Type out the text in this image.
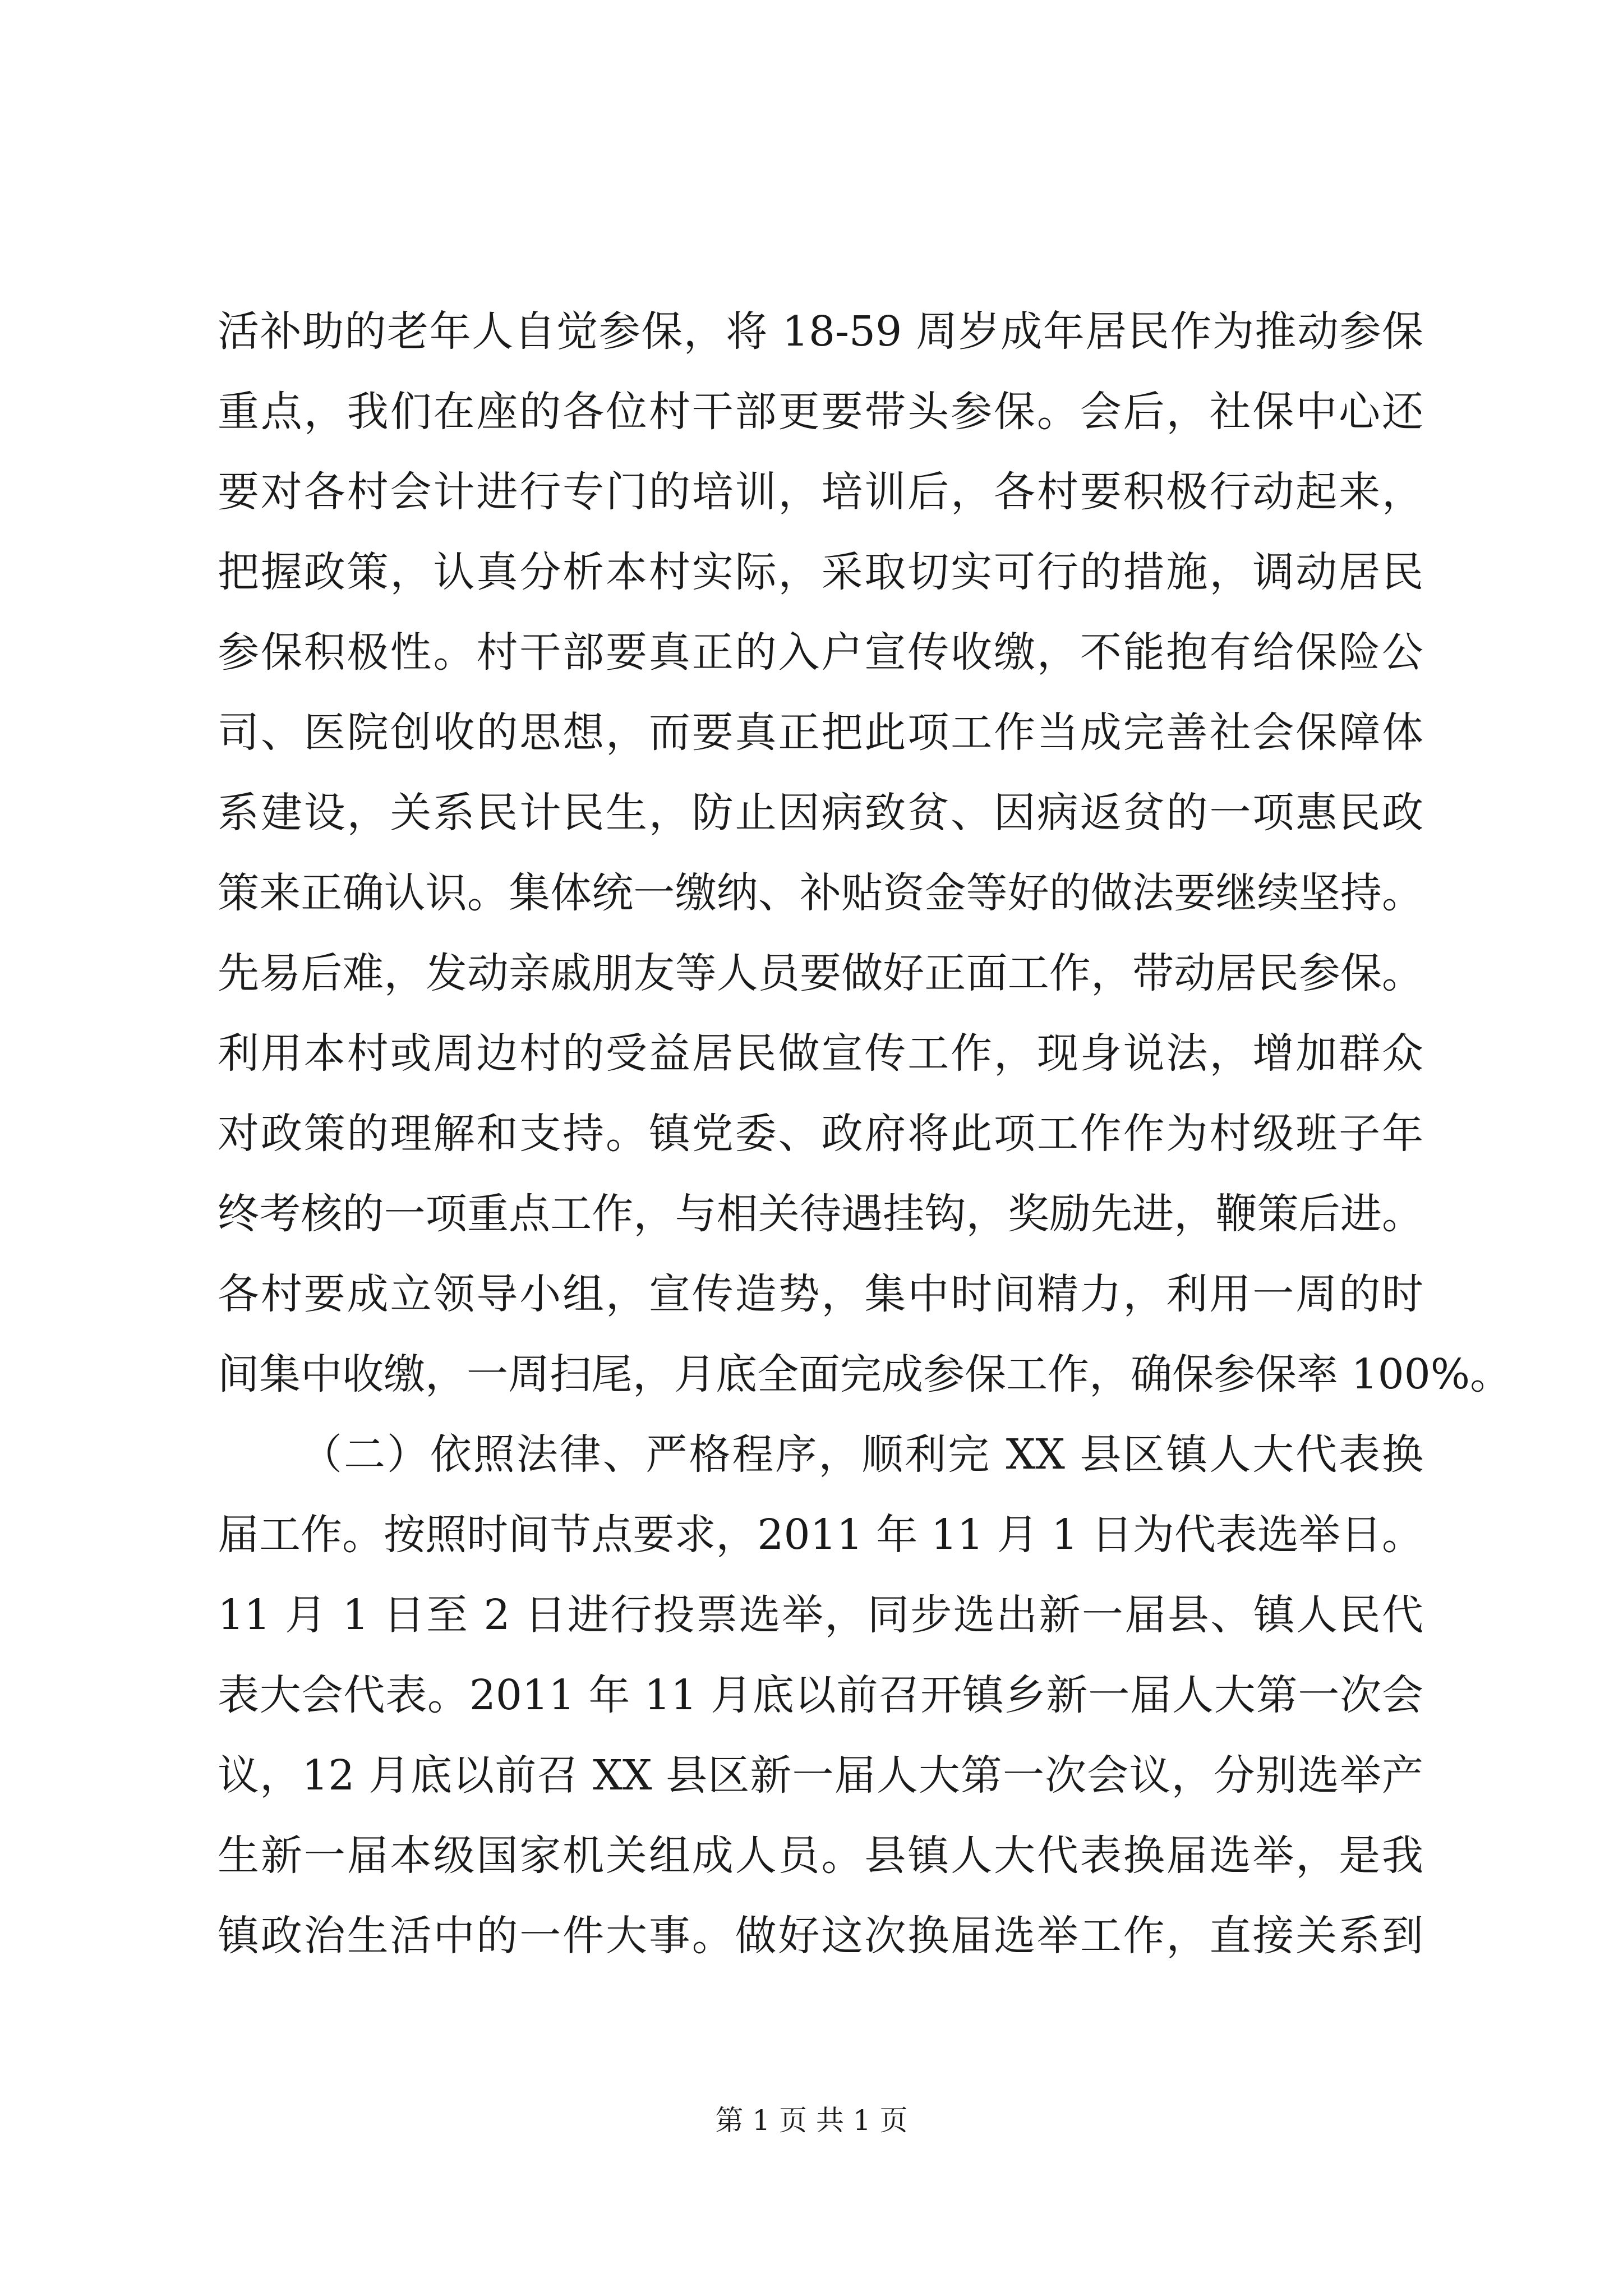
活补助的老年人自觉参保，将 18-59 周岁成年居民作为推动参保
重点，我们在座的各位村干部更要带头参保。会后，社保中心还
要对各村会计进行专门的培训，培训后，各村要积极行动起来，
把握政策，认真分析本村实际，采取切实可行的措施，调动居民
参保积极性。村干部要真正的入户宣传收缴，不能抱有给保险公
司、医院创收的思想，而要真正把此项工作当成完善社会保障体
系建设，关系民计民生，防止因病致贫、因病返贫的一项惠民政
策来正确认识。集体统一缴纳、补贴资金等好的做法要继续坚持。
先易后难，发动亲戚朋友等人员要做好正面工作，带动居民参保。
利用本村或周边村的受益居民做宣传工作，现身说法，增加群众
对政策的理解和支持。镇党委、政府将此项工作作为村级班子年
终考核的一项重点工作，与相关待遇挂钩，奖励先进，鞭策后进。
各村要成立领导小组，宣传造势，集中时间精力，利用一周的时
间集中收缴，一周扫尾，月底全面完成参保工作，确保参保率 100%。
（二）依照法律、严格程序，顺利完 XX 县区镇人大代表换
届工作。按照时间节点要求，2011 年 11 月 1 日为代表选举日。
11 月 1 日至 2 日进行投票选举，同步选出新一届县、镇人民代
表大会代表。2011 年 11 月底以前召开镇乡新一届人大第一次会
议，12 月底以前召 XX 县区新一届人大第一次会议，分别选举产
生新一届本级国家机关组成人员。县镇人大代表换届选举，是我
镇政治生活中的一件大事。做好这次换届选举工作，直接关系到
第 1 页 共 1 页
